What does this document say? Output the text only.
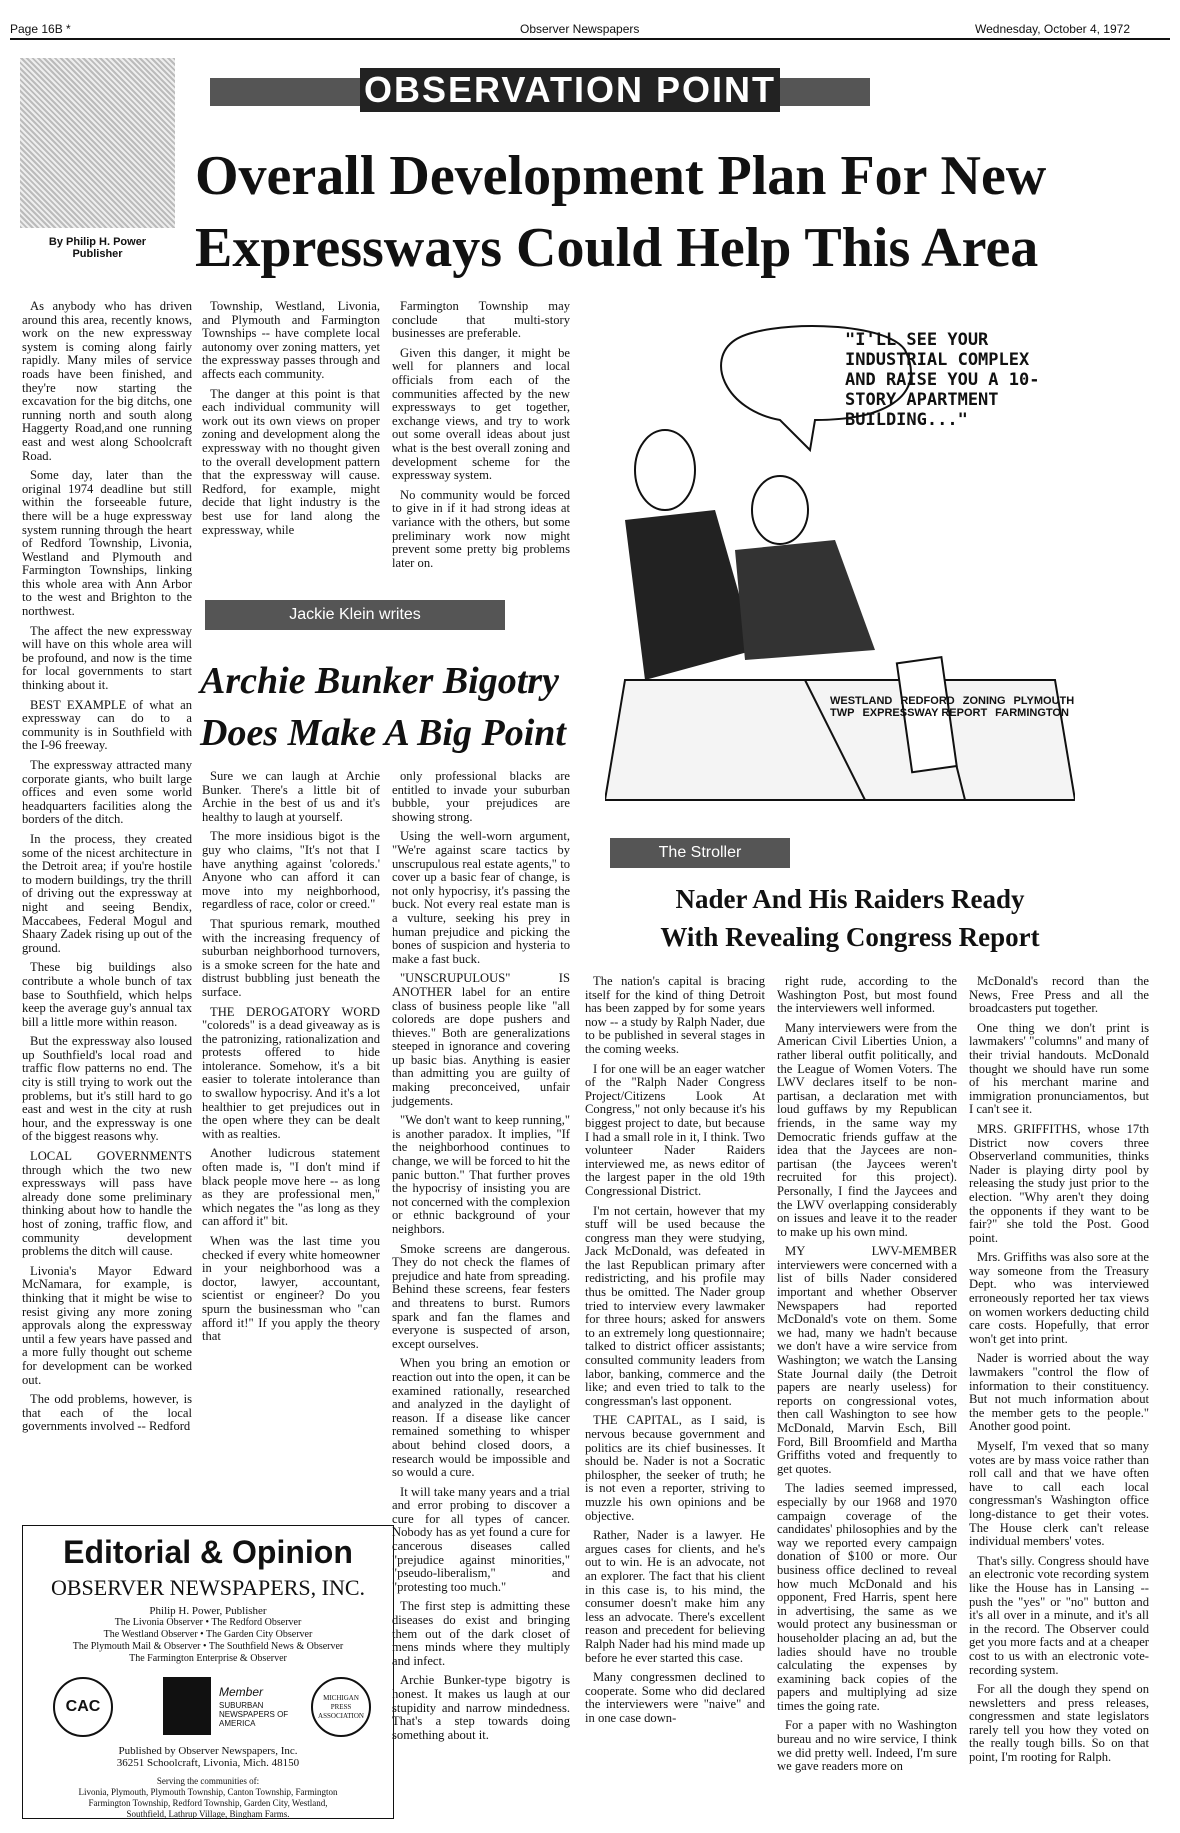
Page 16B *	Observer Newspapers	Wednesday, October 4, 1972
OBSERVATION POINT
By Philip H. Power
Publisher
Overall Development Plan For New
Expressways Could Help This Area

As anybody who has driven around this area, recently knows, work on the new expressway system is coming along fairly rapidly. Many miles of service roads have been finished, and they're now starting the excavation for the big ditchs, one running north and south along Haggerty Road,and one running east and west along Schoolcraft Road.

Some day, later than the original 1974 deadline but still within the forseeable future, there will be a huge expressway system running through the heart of Redford Township, Livonia, Westland and Plymouth and Farmington Townships, linking this whole area with Ann Arbor to the west and Brighton to the northwest.

The affect the new expressway will have on this whole area will be profound, and now is the time for local governments to start thinking about it.

BEST EXAMPLE of what an expressway can do to a community is in Southfield with the I-96 freeway.

The expressway attracted many corporate giants, who built large offices and even some world headquarters facilities along the borders of the ditch.

In the process, they created some of the nicest architecture in the Detroit area; if you're hostile to modern buildings, try the thrill of driving out the expressway at night and seeing Bendix, Maccabees, Federal Mogul and Shaary Zadek rising up out of the ground.

These big buildings also contribute a whole bunch of tax base to Southfield, which helps keep the average guy's annual tax bill a little more within reason.

But the expressway also loused up Southfield's local road and traffic flow patterns no end. The city is still trying to work out the problems, but it's still hard to go east and west in the city at rush hour, and the expressway is one of the biggest reasons why.

LOCAL GOVERNMENTS through which the two new expressways will pass have already done some preliminary thinking about how to handle the host of zoning, traffic flow, and community development problems the ditch will cause.

Livonia's Mayor Edward McNamara, for example, is thinking that it might be wise to resist giving any more zoning approvals along the expressway until a few years have passed and a more fully thought out scheme for development can be worked out.

The odd problems, however, is that each of the local governments involved -- Redford

Township, Westland, Livonia, and Plymouth and Farmington Townships -- have complete local autonomy over zoning matters, yet the expressway passes through and affects each community.

The danger at this point is that each individual community will work out its own views on proper zoning and development along the expressway with no thought given to the overall development pattern that the expressway will cause. Redford, for example, might decide that light industry is the best use for land along the expressway, while

Farmington Township may conclude that multi-story businesses are preferable.

Given this danger, it might be well for planners and local officials from each of the communities affected by the new expressways to get together, exchange views, and try to work out some overall ideas about just what is the best overall zoning and development scheme for the expressway system.

No community would be forced to give in if it had strong ideas at variance with the others, but some preliminary work now might prevent some pretty big problems later on.

"I'LL SEE YOUR INDUSTRIAL COMPLEX AND RAISE YOU A 10-STORY APARTMENT BUILDING..."
WESTLAND REDFORD ZONING PLYMOUTH TWP EXPRESSWAY REPORT FARMINGTON
Jackie Klein writes
Archie Bunker Bigotry
Does Make A Big Point

Sure we can laugh at Archie Bunker. There's a little bit of Archie in the best of us and it's healthy to laugh at yourself.

The more insidious bigot is the guy who claims, "It's not that I have anything against 'coloreds.' Anyone who can afford it can move into my neighborhood, regardless of race, color or creed."

That spurious remark, mouthed with the increasing frequency of suburban neighborhood turnovers, is a smoke screen for the hate and distrust bubbling just beneath the surface.

THE DEROGATORY WORD "coloreds" is a dead giveaway as is the patronizing, rationalization and protests offered to hide intolerance. Somehow, it's a bit easier to tolerate intolerance than to swallow hypocrisy. And it's a lot healthier to get prejudices out in the open where they can be dealt with as realties.

Another ludicrous statement often made is, "I don't mind if black people move here -- as long as they are professional men," which negates the "as long as they can afford it" bit.

When was the last time you checked if every white homeowner in your neighborhood was a doctor, lawyer, accountant, scientist or engineer? Do you spurn the businessman who "can afford it!" If you apply the theory that

only professional blacks are entitled to invade your suburban bubble, your prejudices are showing strong.

Using the well-worn argument, "We're against scare tactics by unscrupulous real estate agents," to cover up a basic fear of change, is not only hypocrisy, it's passing the buck. Not every real estate man is a vulture, seeking his prey in human prejudice and picking the bones of suspicion and hysteria to make a fast buck.

"UNSCRUPULOUS" IS ANOTHER label for an entire class of business people like "all coloreds are dope pushers and thieves." Both are generalizations steeped in ignorance and covering up basic bias. Anything is easier than admitting you are guilty of making preconceived, unfair judgements.

"We don't want to keep running," is another paradox. It implies, "If the neighborhood continues to change, we will be forced to hit the panic button." That further proves the hypocrisy of insisting you are not concerned with the complexion or ethnic background of your neighbors.

Smoke screens are dangerous. They do not check the flames of prejudice and hate from spreading. Behind these screens, fear festers and threatens to burst. Rumors spark and fan the flames and everyone is suspected of arson, except ourselves.

When you bring an emotion or reaction out into the open, it can be examined rationally, researched and analyzed in the daylight of reason. If a disease like cancer remained something to whisper about behind closed doors, a research would be impossible and so would a cure.

It will take many years and a trial and error probing to discover a cure for all types of cancer. Nobody has as yet found a cure for cancerous diseases called "prejudice against minorities," "pseudo-liberalism," and "protesting too much."

The first step is admitting these diseases do exist and bringing them out of the dark closet of mens minds where they multiply and infect.

Archie Bunker-type bigotry is honest. It makes us laugh at our stupidity and narrow mindedness. That's a step towards doing something about it.

The Stroller
Nader And His Raiders Ready
With Revealing Congress Report

The nation's capital is bracing itself for the kind of thing Detroit has been zapped by for some years now -- a study by Ralph Nader, due to be published in several stages in the coming weeks.

I for one will be an eager watcher of the "Ralph Nader Congress Project/Citizens Look At Congress," not only because it's his biggest project to date, but because I had a small role in it, I think. Two volunteer Nader Raiders interviewed me, as news editor of the largest paper in the old 19th Congressional District.

I'm not certain, however that my stuff will be used because the congress man they were studying, Jack McDonald, was defeated in the last Republican primary after redistricting, and his profile may thus be omitted. The Nader group tried to interview every lawmaker for three hours; asked for answers to an extremely long questionnaire; talked to district officer assistants; consulted community leaders from labor, banking, commerce and the like; and even tried to talk to the congressman's last opponent.

THE CAPITAL, as I said, is nervous because government and politics are its chief businesses. It should be. Nader is not a Socratic philospher, the seeker of truth; he is not even a reporter, striving to muzzle his own opinions and be objective.

Rather, Nader is a lawyer. He argues cases for clients, and he's out to win. He is an advocate, not an explorer. The fact that his client in this case is, to his mind, the consumer doesn't make him any less an advocate. There's excellent reason and precedent for believing Ralph Nader had his mind made up before he ever started this case.

Many congressmen declined to cooperate. Some who did declared the interviewers were "naive" and in one case down-

right rude, according to the Washington Post, but most found the interviewers well informed.

Many interviewers were from the American Civil Liberties Union, a rather liberal outfit politically, and the League of Women Voters. The LWV declares itself to be non-partisan, a declaration met with loud guffaws by my Republican friends, in the same way my Democratic friends guffaw at the idea that the Jaycees are non-partisan (the Jaycees weren't recruited for this project). Personally, I find the Jaycees and the LWV overlapping considerably on issues and leave it to the reader to make up his own mind.

MY LWV-MEMBER interviewers were concerned with a list of bills Nader considered important and whether Observer Newspapers had reported McDonald's vote on them. Some we had, many we hadn't because we don't have a wire service from Washington; we watch the Lansing State Journal daily (the Detroit papers are nearly useless) for reports on congressional votes, then call Washington to see how McDonald, Marvin Esch, Bill Ford, Bill Broomfield and Martha Griffiths voted and frequently to get quotes.

The ladies seemed impressed, especially by our 1968 and 1970 campaign coverage of the candidates' philosophies and by the way we reported every campaign donation of $100 or more. Our business office declined to reveal how much McDonald and his opponent, Fred Harris, spent here in advertising, the same as we would protect any businessman or householder placing an ad, but the ladies should have no trouble calculating the expenses by examining back copies of the papers and multiplying ad size times the going rate.

For a paper with no Washington bureau and no wire service, I think we did pretty well. Indeed, I'm sure we gave readers more on

McDonald's record than the News, Free Press and all the broadcasters put together.

One thing we don't print is lawmakers' "columns" and many of their trivial handouts. McDonald thought we should have run some of his merchant marine and immigration pronunciamentos, but I can't see it.

MRS. GRIFFITHS, whose 17th District now covers three Observerland communities, thinks Nader is playing dirty pool by releasing the study just prior to the election. "Why aren't they doing the opponents if they want to be fair?" she told the Post. Good point.

Mrs. Griffiths was also sore at the way someone from the Treasury Dept. who was interviewed erroneously reported her tax views on women workers deducting child care costs. Hopefully, that error won't get into print.

Nader is worried about the way lawmakers "control the flow of information to their constituency. But not much information about the member gets to the people." Another good point.

Myself, I'm vexed that so many votes are by mass voice rather than roll call and that we have often have to call each local congressman's Washington office long-distance to get their votes. The House clerk can't release individual members' votes.

That's silly. Congress should have an electronic vote recording system like the House has in Lansing -- push the "yes" or "no" button and it's all over in a minute, and it's all in the record. The Observer could get you more facts and at a cheaper cost to us with an electronic vote-recording system.

For all the dough they spend on newsletters and press releases, congressmen and state legislators rarely tell you how they voted on the really tough bills. So on that point, I'm rooting for Ralph.

Editorial & Opinion
OBSERVER NEWSPAPERS, INC.
Philip H. Power, Publisher
The Livonia Observer • The Redford Observer
The Westland Observer • The Garden City Observer
The Plymouth Mail & Observer • The Southfield News & Observer
The Farmington Enterprise & Observer
CAC
Member
SUBURBAN NEWSPAPERS OF AMERICA
MICHIGAN PRESS ASSOCIATION
Published by Observer Newspapers, Inc.
36251 Schoolcraft, Livonia, Mich. 48150
Serving the communities of:
Livonia, Plymouth, Plymouth Township, Canton Township, Farmington
Farmington Township, Redford Township, Garden City, Westland,
Southfield, Lathrup Village, Bingham Farms.
